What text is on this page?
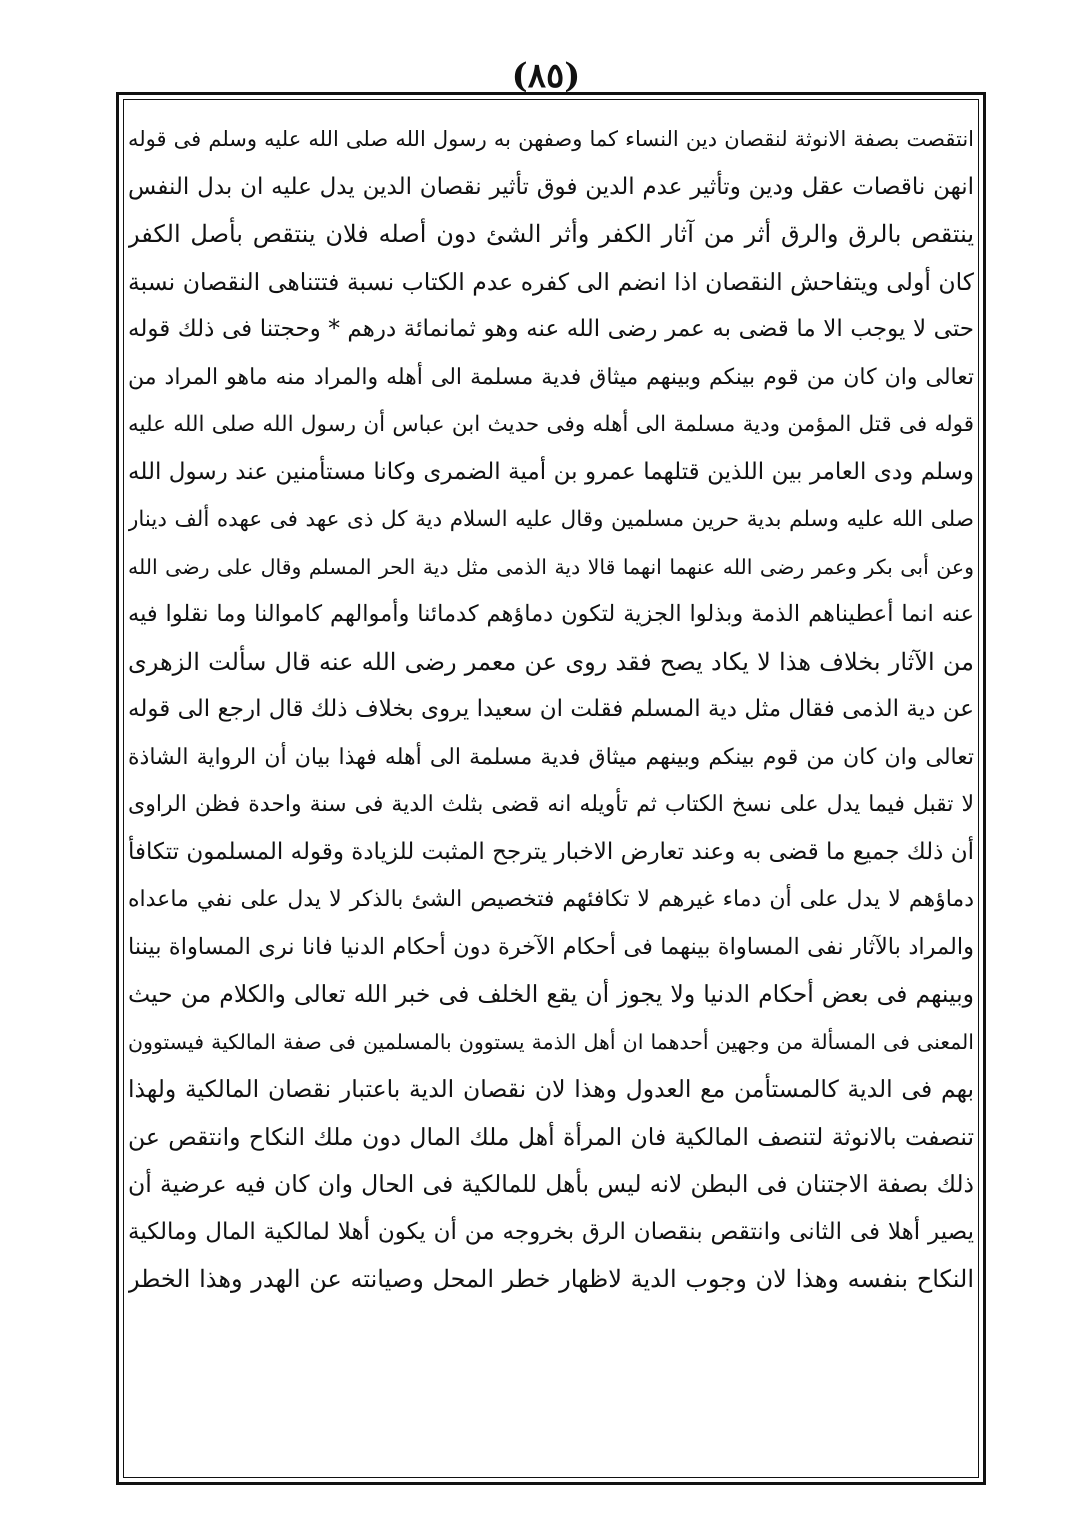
(٨٥)
انتقصت بصفة الانوثة لنقصان دين النساء كما وصفهن به رسول الله صلى الله عليه وسلم فى قوله
انهن ناقصات عقل ودين وتأثير عدم الدين فوق تأثير نقصان الدين يدل عليه ان بدل النفس
ينتقص بالرق والرق أثر من آثار الكفر وأثر الشئ دون أصله فلان ينتقص بأصل الكفر
كان أولى ويتفاحش النقصان اذا انضم الى كفره عدم الكتاب نسبة فتتناهى النقصان نسبة
حتى لا يوجب الا ما قضى به عمر رضى الله عنه وهو ثمانمائة درهم * وحجتنا فى ذلك قوله
تعالى وان كان من قوم بينكم وبينهم ميثاق فدية مسلمة الى أهله والمراد منه ماهو المراد من
قوله فى قتل المؤمن ودية مسلمة الى أهله وفى حديث ابن عباس أن رسول الله صلى الله عليه
وسلم ودى العامر بين اللذين قتلهما عمرو بن أمية الضمرى وكانا مستأمنين عند رسول الله
صلى الله عليه وسلم بدية حرين مسلمين وقال عليه السلام دية كل ذى عهد فى عهده ألف دينار
وعن أبى بكر وعمر رضى الله عنهما انهما قالا دية الذمى مثل دية الحر المسلم وقال على رضى الله
عنه انما أعطيناهم الذمة وبذلوا الجزية لتكون دماؤهم كدمائنا وأموالهم كاموالنا وما نقلوا فيه
من الآثار بخلاف هذا لا يكاد يصح فقد روى عن معمر رضى الله عنه قال سألت الزهرى
عن دية الذمى فقال مثل دية المسلم فقلت ان سعيدا يروى بخلاف ذلك قال ارجع الى قوله
تعالى وان كان من قوم بينكم وبينهم ميثاق فدية مسلمة الى أهله فهذا بيان أن الرواية الشاذة
لا تقبل فيما يدل على نسخ الكتاب ثم تأويله انه قضى بثلث الدية فى سنة واحدة فظن الراوى
أن ذلك جميع ما قضى به وعند تعارض الاخبار يترجح المثبت للزيادة وقوله المسلمون تتكافأ
دماؤهم لا يدل على أن دماء غيرهم لا تكافئهم فتخصيص الشئ بالذكر لا يدل على نفي ماعداه
والمراد بالآثار نفى المساواة بينهما فى أحكام الآخرة دون أحكام الدنيا فانا نرى المساواة بيننا
وبينهم فى بعض أحكام الدنيا ولا يجوز أن يقع الخلف فى خبر الله تعالى والكلام من حيث
المعنى فى المسألة من وجهين أحدهما ان أهل الذمة يستوون بالمسلمين فى صفة المالكية فيستوون
بهم فى الدية كالمستأمن مع العدول وهذا لان نقصان الدية باعتبار نقصان المالكية ولهذا
تنصفت بالانوثة لتنصف المالكية فان المرأة أهل ملك المال دون ملك النكاح وانتقص عن
ذلك بصفة الاجتنان فى البطن لانه ليس بأهل للمالكية فى الحال وان كان فيه عرضية أن
يصير أهلا فى الثانى وانتقص بنقصان الرق بخروجه من أن يكون أهلا لمالكية المال ومالكية
النكاح بنفسه وهذا لان وجوب الدية لاظهار خطر المحل وصيانته عن الهدر وهذا الخطر
